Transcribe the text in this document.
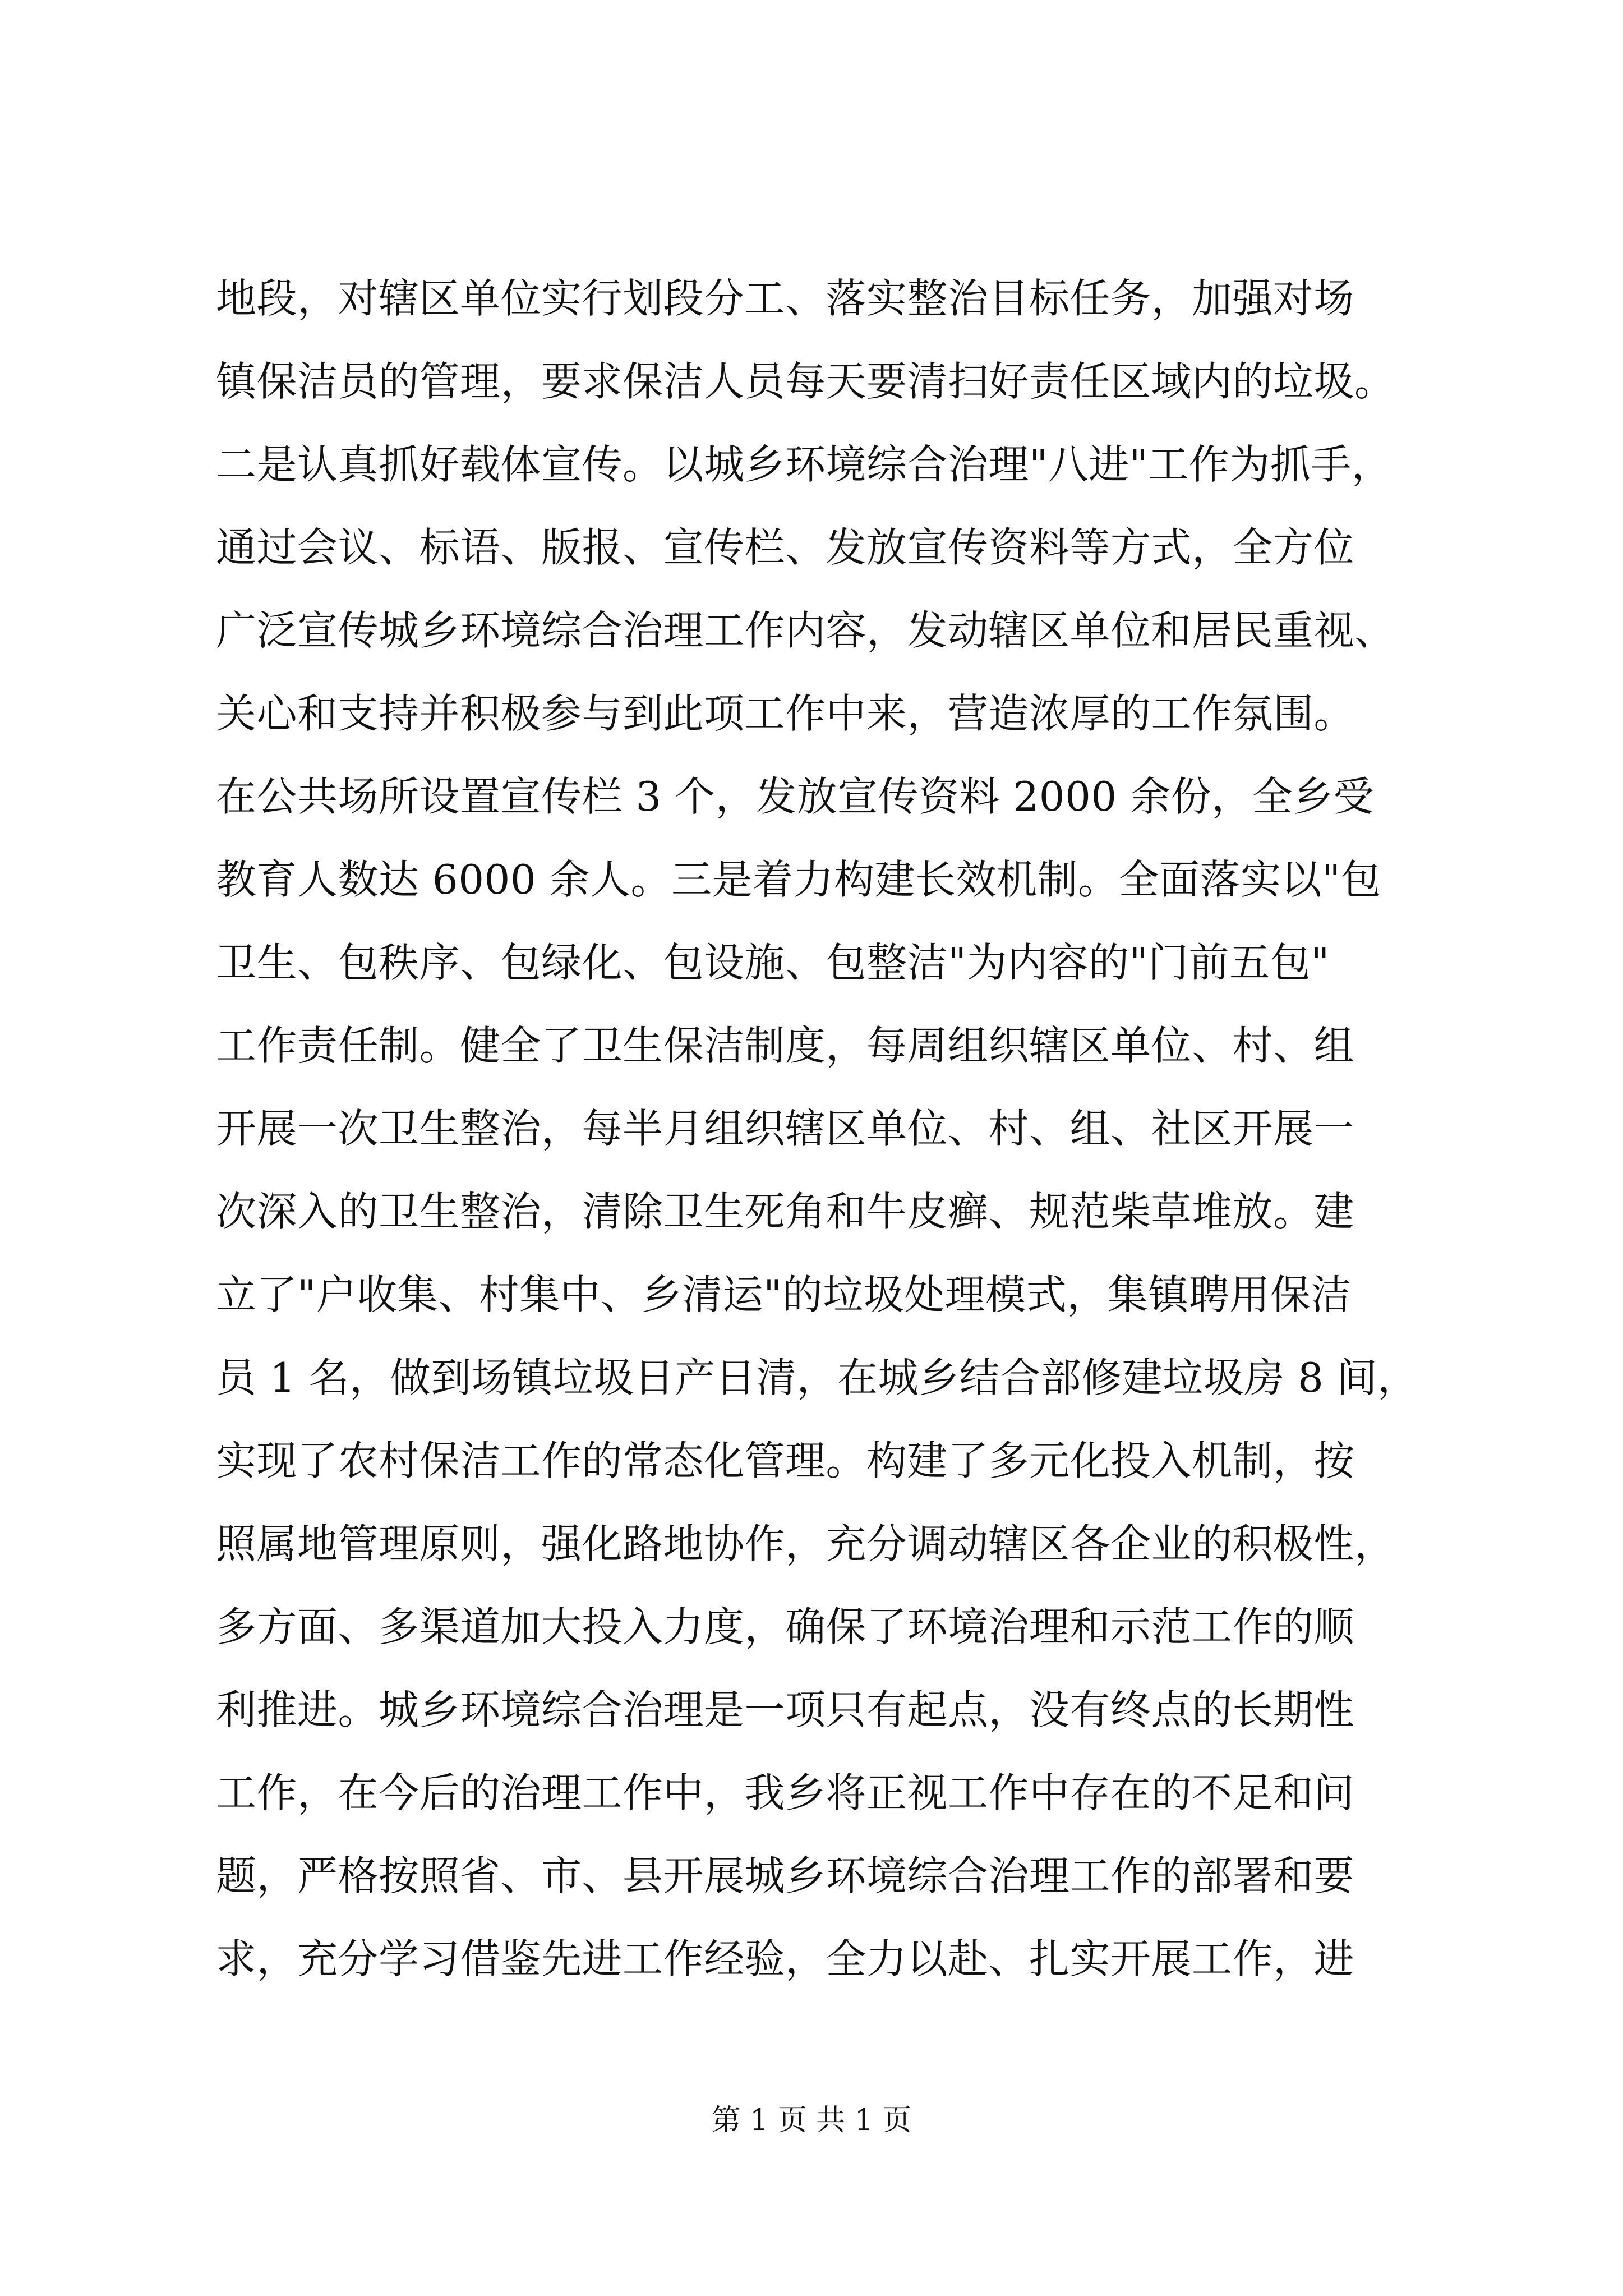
地段，对辖区单位实行划段分工、落实整治目标任务，加强对场
镇保洁员的管理，要求保洁人员每天要清扫好责任区域内的垃圾。
二是认真抓好载体宣传。以城乡环境综合治理"八进"工作为抓手，
通过会议、标语、版报、宣传栏、发放宣传资料等方式，全方位
广泛宣传城乡环境综合治理工作内容，发动辖区单位和居民重视、
关心和支持并积极参与到此项工作中来，营造浓厚的工作氛围。
在公共场所设置宣传栏 3 个，发放宣传资料 2000 余份，全乡受
教育人数达 6000 余人。三是着力构建长效机制。全面落实以"包
卫生、包秩序、包绿化、包设施、包整洁"为内容的"门前五包"
工作责任制。健全了卫生保洁制度，每周组织辖区单位、村、组
开展一次卫生整治，每半月组织辖区单位、村、组、社区开展一
次深入的卫生整治，清除卫生死角和牛皮癣、规范柴草堆放。建
立了"户收集、村集中、乡清运"的垃圾处理模式，集镇聘用保洁
员 1 名，做到场镇垃圾日产日清，在城乡结合部修建垃圾房 8 间，
实现了农村保洁工作的常态化管理。构建了多元化投入机制，按
照属地管理原则，强化路地协作，充分调动辖区各企业的积极性，
多方面、多渠道加大投入力度，确保了环境治理和示范工作的顺
利推进。城乡环境综合治理是一项只有起点，没有终点的长期性
工作，在今后的治理工作中，我乡将正视工作中存在的不足和问
题，严格按照省、市、县开展城乡环境综合治理工作的部署和要
求，充分学习借鉴先进工作经验，全力以赴、扎实开展工作，进
第 1 页 共 1 页
